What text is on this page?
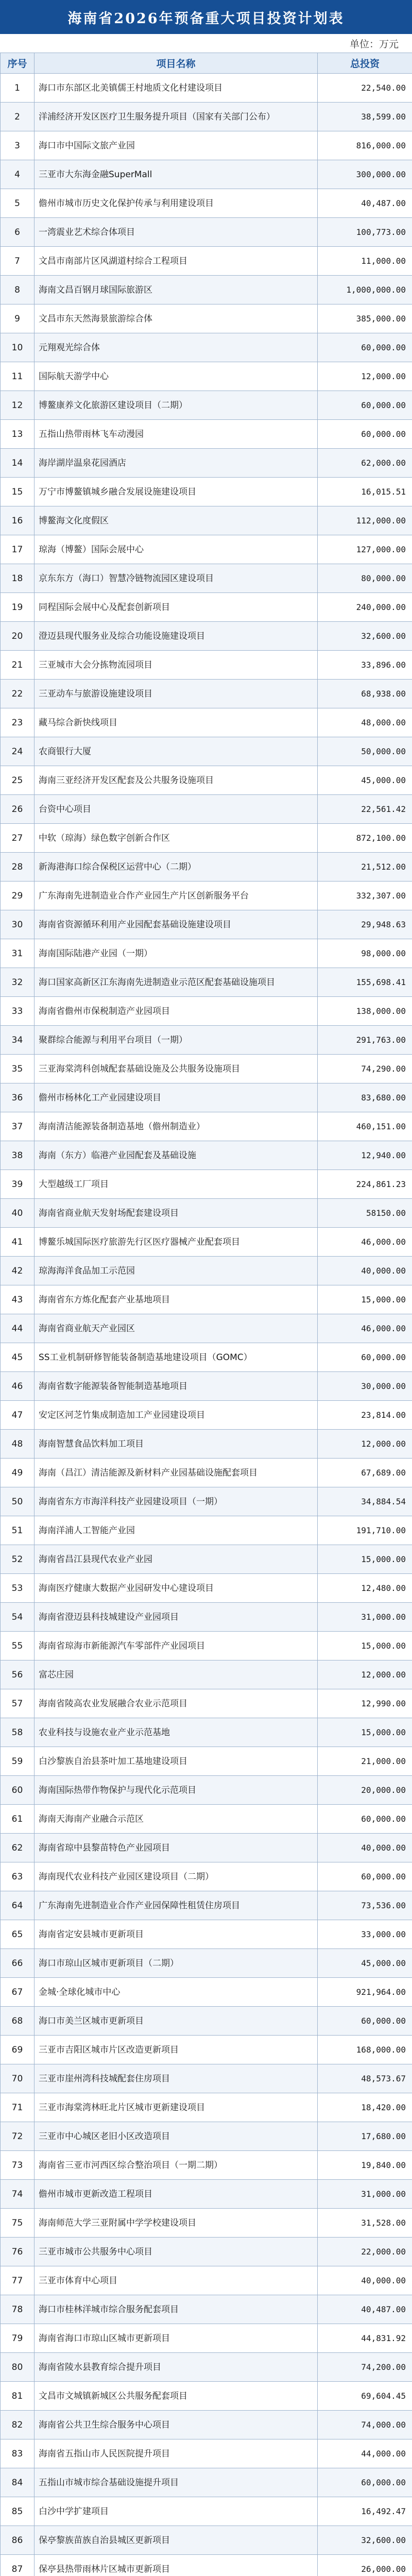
海南省2026年预备重大项目投资计划表
单位：万元
序号	项目名称	总投资
1	海口市东部区北美镇儒王村地质文化村建设项目	22,540.00
2	洋浦经济开发区医疗卫生服务提升项目（国家有关部门公布）	38,599.00
3	海口市中国际文旅产业园	816,000.00
4	三亚市大东海金融SuperMall	300,000.00
5	儋州市城市历史文化保护传承与利用建设项目	40,487.00
6	一湾震业艺术综合体项目	100,773.00
7	文昌市南部片区风湖道村综合工程项目	11,000.00
8	海南文昌百钢月球国际旅游区	1,000,000.00
9	文昌市东天然海景旅游综合体	385,000.00
10	元翔观光综合体	60,000.00
11	国际航天游学中心	12,000.00
12	博鳌康养文化旅游区建设项目（二期）	60,000.00
13	五指山热带雨林飞车动漫园	60,000.00
14	海岸湖岸温泉花园酒店	62,000.00
15	万宁市博鳌镇城乡融合发展设施建设项目	16,015.51
16	博鳌海文化度假区	112,000.00
17	琼海（博鳌）国际会展中心	127,000.00
18	京东东方（海口）智慧冷链物流园区建设项目	80,000.00
19	同程国际会展中心及配套创新项目	240,000.00
20	澄迈县现代服务业及综合功能设施建设项目	32,600.00
21	三亚城市大会分拣物流园项目	33,896.00
22	三亚动车与旅游设施建设项目	68,938.00
23	藏马综合新快线项目	48,000.00
24	农商银行大厦	50,000.00
25	海南三亚经济开发区配套及公共服务设施项目	45,000.00
26	台资中心项目	22,561.42
27	中软（琼海）绿色数字创新合作区	872,100.00
28	新海港海口综合保税区运营中心（二期）	21,512.00
29	广东海南先进制造业合作产业园生产片区创新服务平台	332,307.00
30	海南省资源循环利用产业园配套基础设施建设项目	29,948.63
31	海南国际陆港产业园（一期）	98,000.00
32	海口国家高新区江东海南先进制造业示范区配套基础设施项目	155,698.41
33	海南省儋州市保税制造产业园项目	138,000.00
34	聚群综合能源与利用平台项目（一期）	291,763.00
35	三亚海棠湾科创城配套基础设施及公共服务设施项目	74,290.00
36	儋州市杨林化工产业园建设项目	83,680.00
37	海南清洁能源装备制造基地（儋州制造业）	460,151.00
38	海南（东方）临港产业园配套及基础设施	12,940.00
39	大型越级工厂项目	224,861.23
40	海南省商业航天发射场配套建设项目	58150.00
41	博鳌乐城国际医疗旅游先行区医疗器械产业配套项目	46,000.00
42	琼海海洋食品加工示范园	40,000.00
43	海南省东方炼化配套产业基地项目	15,000.00
44	海南省商业航天产业园区	46,000.00
45	SS工业机制研修智能装备制造基地建设项目（GOMC）	60,000.00
46	海南省数字能源装备智能制造基地项目	30,000.00
47	安定区河芝竹集成制造加工产业园建设项目	23,814.00
48	海南智慧食品饮料加工项目	12,000.00
49	海南（昌江）清洁能源及新材料产业园基础设施配套项目	67,689.00
50	海南省东方市海洋科技产业园建设项目（一期）	34,884.54
51	海南洋浦人工智能产业园	191,710.00
52	海南省昌江县现代农业产业园	15,000.00
53	海南医疗健康大数据产业园研发中心建设项目	12,480.00
54	海南省澄迈县科技城建设产业园项目	31,000.00
55	海南省琼海市新能源汽车零部件产业园项目	15,000.00
56	富芯庄园	12,000.00
57	海南省陵高农业发展融合农业示范项目	12,990.00
58	农业科技与设施农业产业示范基地	15,000.00
59	白沙黎族自治县茶叶加工基地建设项目	21,000.00
60	海南国际热带作物保护与现代化示范项目	20,000.00
61	海南天海南产业融合示范区	60,000.00
62	海南省琼中县黎苗特色产业园项目	40,000.00
63	海南现代农业科技产业园区建设项目（二期）	60,000.00
64	广东海南先进制造业合作产业园保障性租赁住房项目	73,536.00
65	海南省定安县城市更新项目	33,000.00
66	海口市琼山区城市更新项目（二期）	45,000.00
67	金城·全球化城市中心	921,964.00
68	海口市美兰区城市更新项目	60,000.00
69	三亚市吉阳区城市片区改造更新项目	168,000.00
70	三亚市崖州湾科技城配套住房项目	48,573.67
71	三亚市海棠湾林旺北片区城市更新建设项目	18,420.00
72	三亚市中心城区老旧小区改造项目	17,680.00
73	海南省三亚市河西区综合整治项目（一期二期）	19,840.00
74	儋州市城市更新改造工程项目	31,000.00
75	海南师范大学三亚附属中学学校建设项目	31,528.00
76	三亚市城市公共服务中心项目	22,000.00
77	三亚市体育中心项目	40,000.00
78	海口市桂林洋城市综合服务配套项目	40,487.00
79	海南省海口市琼山区城市更新项目	44,831.92
80	海南省陵水县教育综合提升项目	74,200.00
81	文昌市文城镇新城区公共服务配套项目	69,604.45
82	海南省公共卫生综合服务中心项目	74,000.00
83	海南省五指山市人民医院提升项目	44,000.00
84	五指山市城市综合基础设施提升项目	60,000.00
85	白沙中学扩建项目	16,492.47
86	保亭黎族苗族自治县城区更新项目	32,600.00
87	保亭县热带雨林片区城市更新项目	26,000.00
